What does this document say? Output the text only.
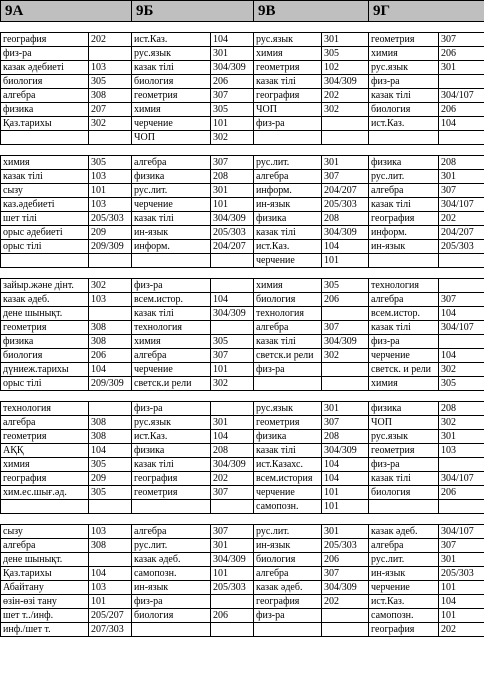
9А		9Б		9В		9Г	

география	202	ист.Каз.	104	рус.язык	301	геометрия	307
физ-ра		рус.язык	301	химия	305	химия	206
казак әдебиеті	103	казак тілі	304/309	геометрия	102	рус.язык	301
биология	305	биология	206	казак тілі	304/309	физ-ра	
алгебра	308	геометрия	307	география	202	казак тілі	304/107
физика	207	химия	305	ЧОП	302	биология	206
Қаз.тарихы	302	черчение	101	физ-ра		ист.Каз.	104
		ЧОП	302				

химия	305	алгебра	307	рус.лит.	301	физика	208
казак тілі	103	физика	208	алгебра	307	рус.лит.	301
сызу	101	рус.лит.	301	информ.	204/207	алгебра	307
каз.әдебиеті	103	черчение	101	ин-язык	205/303	казак тілі	304/107
шет тілі	205/303	казак тілі	304/309	физика	208	география	202
орыс әдебиеті	209	ин-язык	205/303	казак тілі	304/309	информ.	204/207
орыс тілі	209/309	информ.	204/207	ист.Каз.	104	ин-язык	205/303
				черчение	101		

зайыр.және дінт.	302	физ-ра		химия	305	технология	
казак әдеб.	103	всем.истор.	104	биология	206	алгебра	307
дене шынықт.		казак тілі	304/309	технология		всем.истор.	104
геометрия	308	технология		алгебра	307	казак тілі	304/107
физика	308	химия	305	казак тілі	304/309	физ-ра	
биология	206	алгебра	307	светск.и рели	302	черчение	104
дүниеж.тарихы	104	черчение	101	физ-ра		светск. и рели	302
орыс тілі	209/309	светск.и рели	302			химия	305

технология		физ-ра		рус.язык	301	физика	208
алгебра	308	рус.язык	301	геометрия	307	ЧОП	302
геометрия	308	ист.Каз.	104	физика	208	рус.язык	301
АҚҚ	104	физика	208	казак тілі	304/309	геометрия	103
химия	305	казак тілі	304/309	ист.Казахс.	104	физ-ра	
география	209	география	202	всем.история	104	казак тілі	304/107
хим.ес.шығ.әд.	305	геометрия	307	черчение	101	биология	206
				самопозн.	101		

сызу	103	алгебра	307	рус.лит.	301	казак әдеб.	304/107
алгебра	308	рус.лит.	301	ин-язык	205/303	алгебра	307
дене шынықт.		казак әдеб.	304/309	биология	206	рус.лит.	301
Қаз.тарихы	104	самопозн.	101	алгебра	307	ин-язык	205/303
Абайтану	103	ин-язык	205/303	казак әдеб.	304/309	черчение	101
өзін-өзі тану	101	физ-ра		география	202	ист.Каз.	104
шет т../инф.	205/207	биология	206	физ-ра		самопозн.	101
инф./шет т.	207/303					география	202
